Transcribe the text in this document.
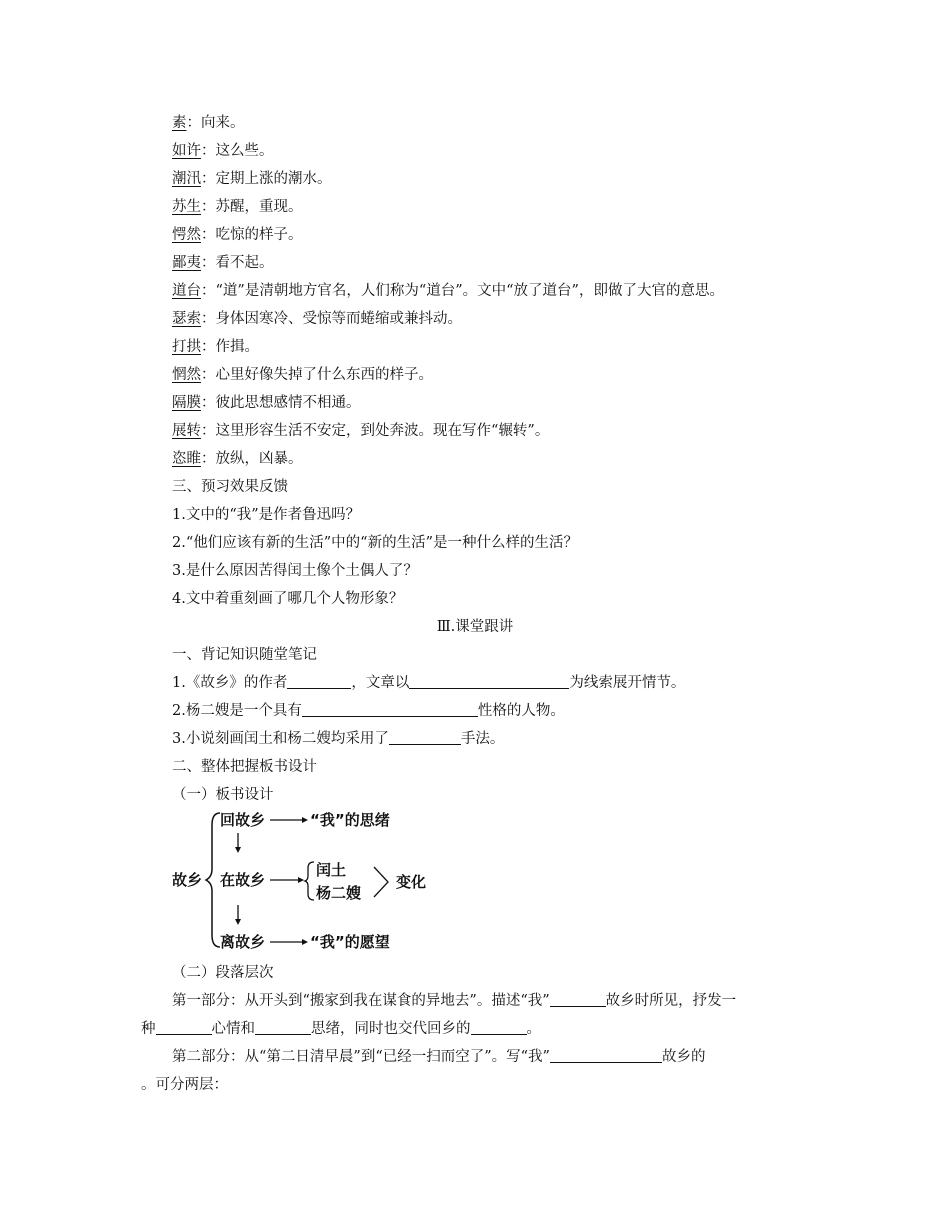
素：向来。
如许：这么些。
潮汛：定期上涨的潮水。
苏生：苏醒，重现。
愕然：吃惊的样子。
鄙夷：看不起。
道台：“道”是清朝地方官名，人们称为“道台”。文中“放了道台”，即做了大官的意思。
瑟索：身体因寒冷、受惊等而蜷缩或兼抖动。
打拱：作揖。
惘然：心里好像失掉了什么东西的样子。
隔膜：彼此思想感情不相通。
展转：这里形容生活不安定，到处奔波。现在写作“辗转”。
恣睢：放纵，凶暴。
三、预习效果反馈
1.文中的“我”是作者鲁迅吗？
2.“他们应该有新的生活”中的“新的生活”是一种什么样的生活？
3.是什么原因苦得闰土像个土偶人了？
4.文中着重刻画了哪几个人物形象？
Ⅲ.课堂跟讲
一、背记知识随堂笔记
1.《故乡》的作者	，文章以	为线索展开情节。
2.杨二嫂是一个具有	性格的人物。
3.小说刻画闰土和杨二嫂均采用了	手法。
二、整体把握板书设计
（一）板书设计
故乡
回故乡	“我”的思绪
在故乡
闰土
杨二嫂
变化
离故乡	“我”的愿望
（二）段落层次
第一部分：从开头到“搬家到我在谋食的异地去”。描述“我”	故乡时所见，抒发一
种	心情和	思绪，同时也交代回乡的	。
第二部分：从“第二日清早晨”到“已经一扫而空了”。写“我”	故乡的
。可分两层：
